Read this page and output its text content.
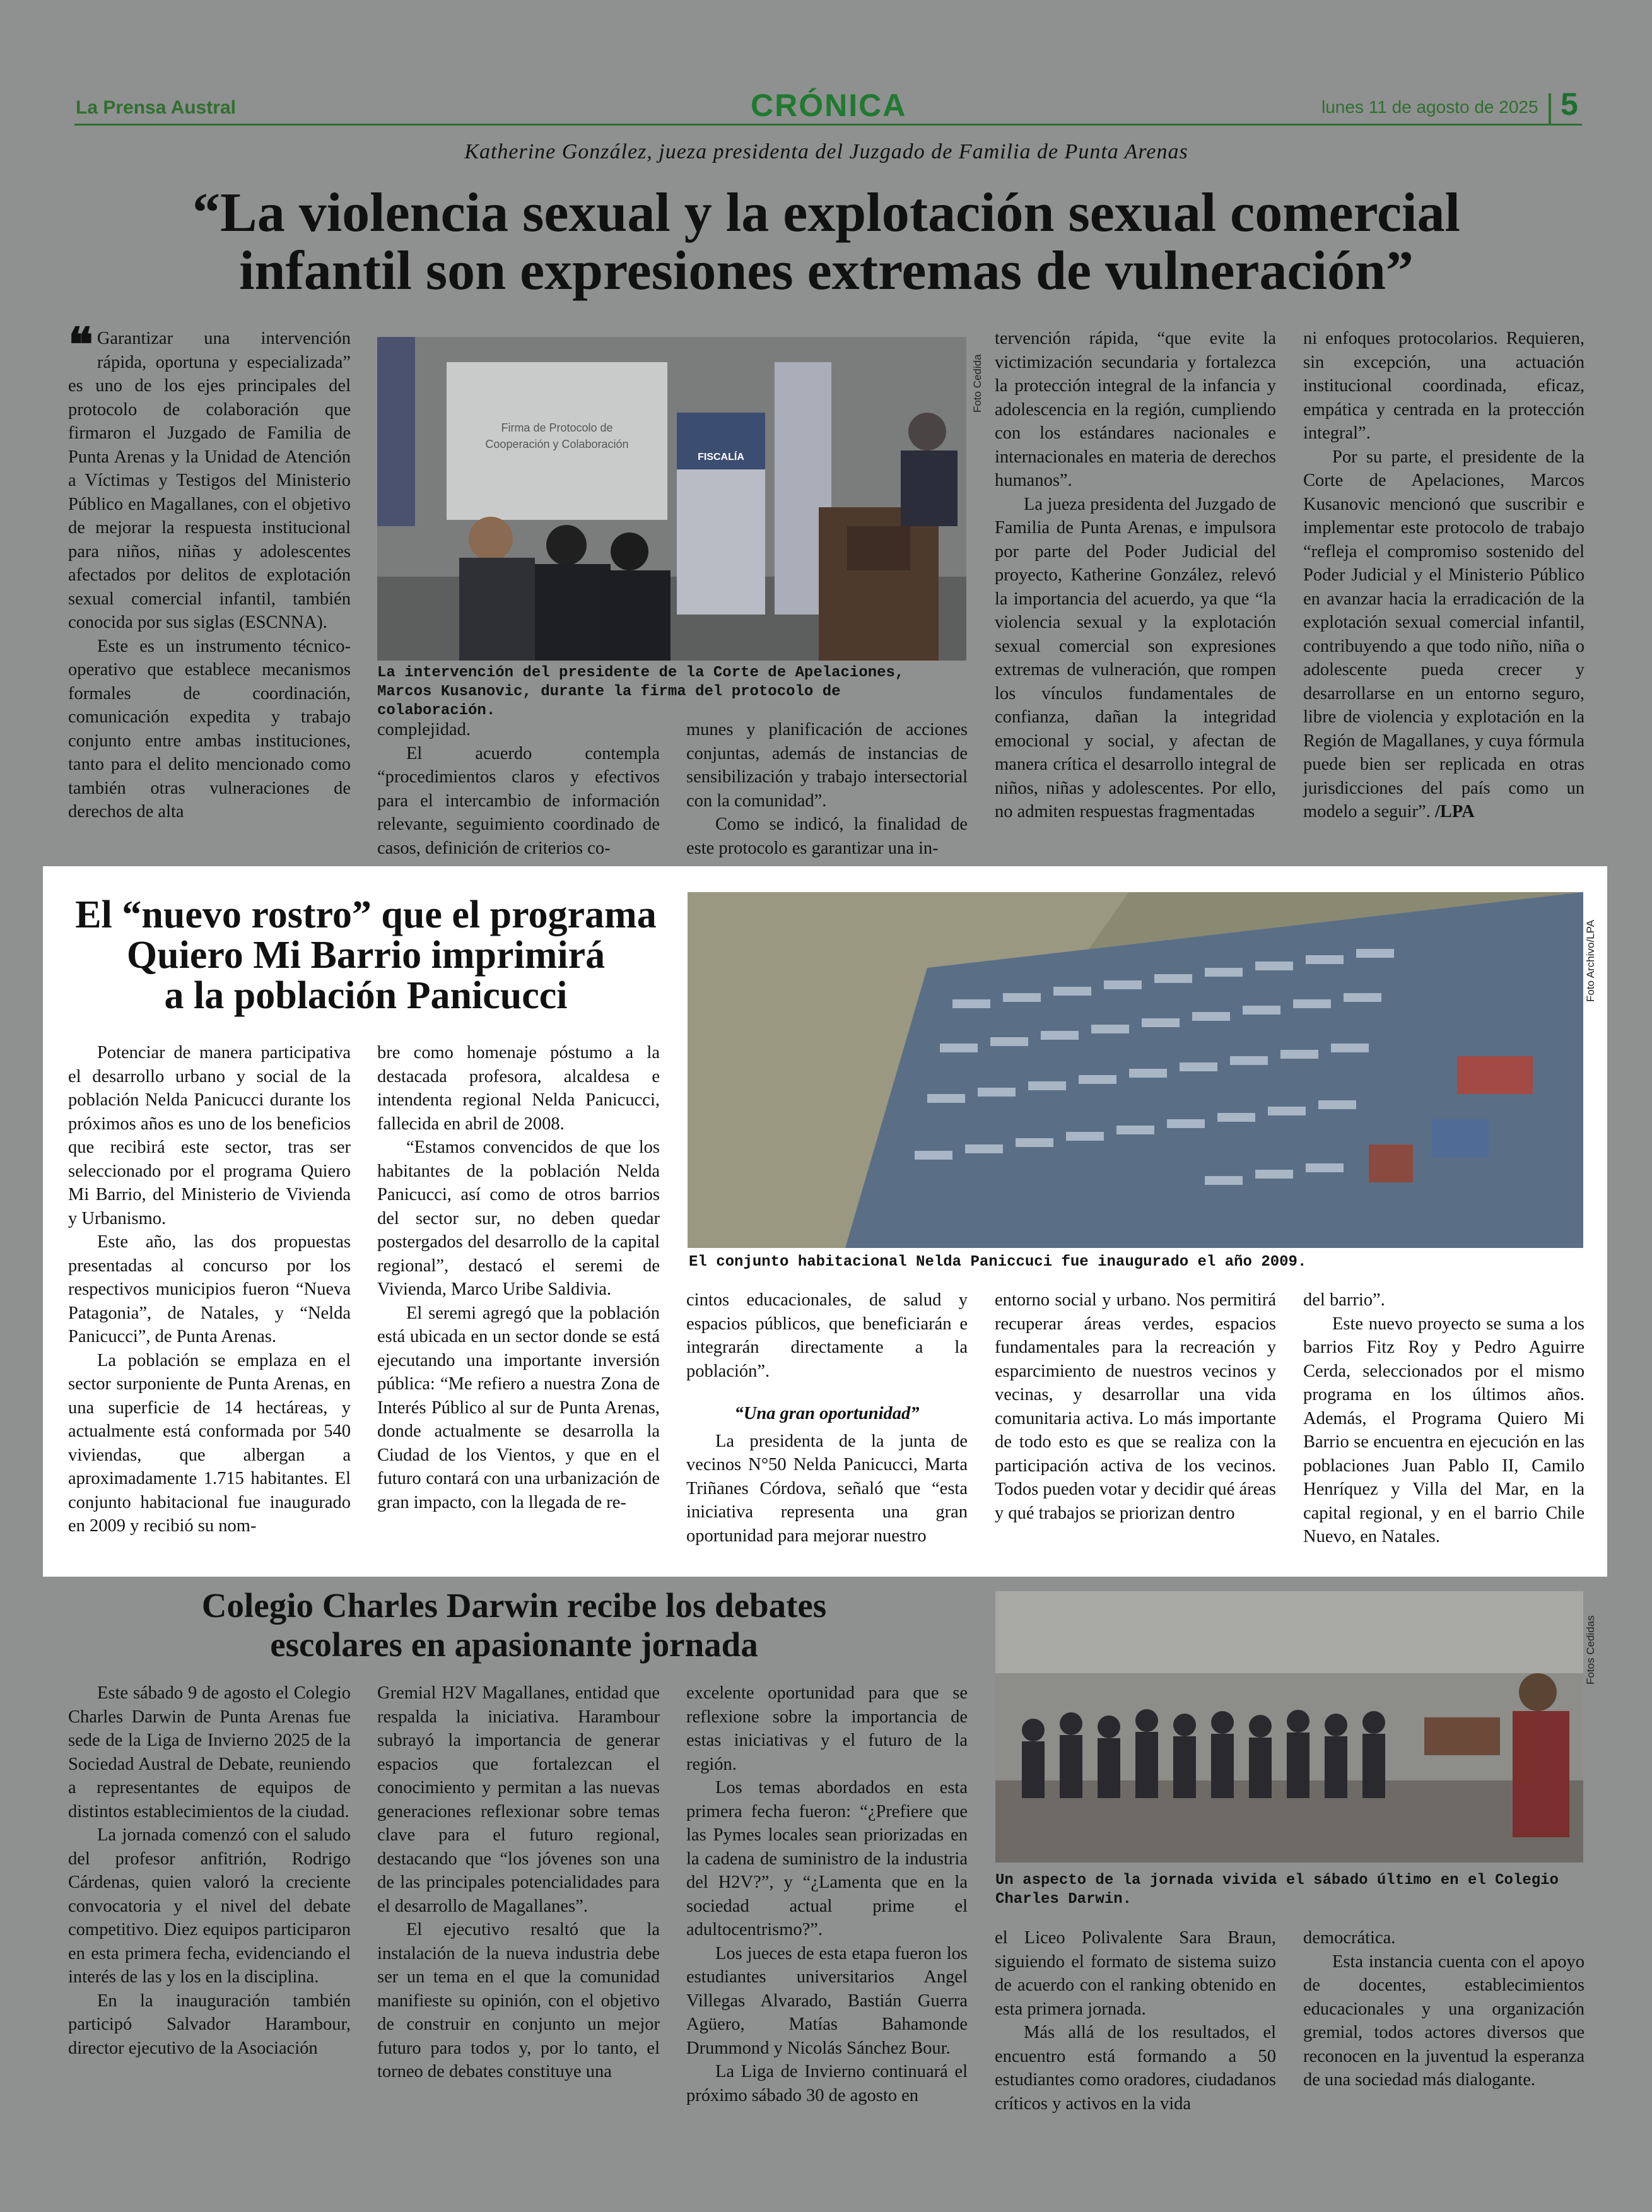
La Prensa Austral	CRÓNICA	lunes 11 de agosto de 2025 5
Katherine González, jueza presidenta del Juzgado de Familia de Punta Arenas
“La violencia sexual y la explotación sexual comercial
infantil son expresiones extremas de vulneración”

❝ Garantizar una intervención rápida, oportuna y especializada” es uno de los ejes principales del protocolo de colaboración que firmaron el Juzgado de Familia de Punta Arenas y la Unidad de Atención a Víctimas y Testigos del Ministerio Público en Magallanes, con el objetivo de mejorar la respuesta institucional para niños, niñas y adolescentes afectados por delitos de explotación sexual comercial infantil, también conocida por sus siglas (ESCNNA).

Este es un instrumento técnico-operativo que establece mecanismos formales de coordinación, comunicación expedita y trabajo conjunto entre ambas instituciones, tanto para el delito mencionado como también otras vulneraciones de derechos de alta

Firma de Protocolo de
Cooperación y Colaboración
FISCALÍA
Foto Cedida
La intervención del presidente de la Corte de Apelaciones, Marcos Kusanovic, durante la firma del protocolo de colaboración.

complejidad.

El acuerdo contempla “procedimientos claros y efectivos para el intercambio de información relevante, seguimiento coordinado de casos, definición de criterios co-

munes y planificación de acciones conjuntas, además de instancias de sensibilización y trabajo intersectorial con la comunidad”.

Como se indicó, la finalidad de este protocolo es garantizar una in-

tervención rápida, “que evite la victimización secundaria y fortalezca la protección integral de la infancia y adolescencia en la región, cumpliendo con los estándares nacionales e internacionales en materia de derechos humanos”.

La jueza presidenta del Juzgado de Familia de Punta Arenas, e impulsora por parte del Poder Judicial del proyecto, Katherine González, relevó la importancia del acuerdo, ya que “la violencia sexual y la explotación sexual comercial son expresiones extremas de vulneración, que rompen los vínculos fundamentales de confianza, dañan la integridad emocional y social, y afectan de manera crítica el desarrollo integral de niños, niñas y adolescentes. Por ello, no admiten respuestas fragmentadas

ni enfoques protocolarios. Requieren, sin excepción, una actuación institucional coordinada, eficaz, empática y centrada en la protección integral”.

Por su parte, el presidente de la Corte de Apelaciones, Marcos Kusanovic mencionó que suscribir e implementar este protocolo de trabajo “refleja el compromiso sostenido del Poder Judicial y el Ministerio Público en avanzar hacia la erradicación de la explotación sexual comercial infantil, contribuyendo a que todo niño, niña o adolescente pueda crecer y desarrollarse en un entorno seguro, libre de violencia y explotación en la Región de Magallanes, y cuya fórmula puede bien ser replicada en otras jurisdicciones del país como un modelo a seguir”. /LPA

El “nuevo rostro” que el programa
Quiero Mi Barrio imprimirá
a la población Panicucci

Potenciar de manera participativa el desarrollo urbano y social de la población Nelda Panicucci durante los próximos años es uno de los beneficios que recibirá este sector, tras ser seleccionado por el programa Quiero Mi Barrio, del Ministerio de Vivienda y Urbanismo.

Este año, las dos propuestas presentadas al concurso por los respectivos municipios fueron “Nueva Patagonia”, de Natales, y “Nelda Panicucci”, de Punta Arenas.

La población se emplaza en el sector surponiente de Punta Arenas, en una superficie de 14 hectáreas, y actualmente está conformada por 540 viviendas, que albergan a aproximadamente 1.715 habitantes. El conjunto habitacional fue inaugurado en 2009 y recibió su nom-

bre como homenaje póstumo a la destacada profesora, alcaldesa e intendenta regional Nelda Panicucci, fallecida en abril de 2008.

“Estamos convencidos de que los habitantes de la población Nelda Panicucci, así como de otros barrios del sector sur, no deben quedar postergados del desarrollo de la capital regional”, destacó el seremi de Vivienda, Marco Uribe Saldivia.

El seremi agregó que la población está ubicada en un sector donde se está ejecutando una importante inversión pública: “Me refiero a nuestra Zona de Interés Público al sur de Punta Arenas, donde actualmente se desarrolla la Ciudad de los Vientos, y que en el futuro contará con una urbanización de gran impacto, con la llegada de re-

Foto Archivo/LPA
El conjunto habitacional Nelda Paniccuci fue inaugurado el año 2009.

cintos educacionales, de salud y espacios públicos, que beneficiarán e integrarán directamente a la población”.

“Una gran oportunidad”

La presidenta de la junta de vecinos N°50 Nelda Panicucci, Marta Triñanes Córdova, señaló que “esta iniciativa representa una gran oportunidad para mejorar nuestro

entorno social y urbano. Nos permitirá recuperar áreas verdes, espacios fundamentales para la recreación y esparcimiento de nuestros vecinos y vecinas, y desarrollar una vida comunitaria activa. Lo más importante de todo esto es que se realiza con la participación activa de los vecinos. Todos pueden votar y decidir qué áreas y qué trabajos se priorizan dentro

del barrio”.

Este nuevo proyecto se suma a los barrios Fitz Roy y Pedro Aguirre Cerda, seleccionados por el mismo programa en los últimos años. Además, el Programa Quiero Mi Barrio se encuentra en ejecución en las poblaciones Juan Pablo II, Camilo Henríquez y Villa del Mar, en la capital regional, y en el barrio Chile Nuevo, en Natales.

Colegio Charles Darwin recibe los debates
escolares en apasionante jornada

Este sábado 9 de agosto el Colegio Charles Darwin de Punta Arenas fue sede de la Liga de Invierno 2025 de la Sociedad Austral de Debate, reuniendo a representantes de equipos de distintos establecimientos de la ciudad.

La jornada comenzó con el saludo del profesor anfitrión, Rodrigo Cárdenas, quien valoró la creciente convocatoria y el nivel del debate competitivo. Diez equipos participaron en esta primera fecha, evidenciando el interés de las y los en la disciplina.

En la inauguración también participó Salvador Harambour, director ejecutivo de la Asociación

Gremial H2V Magallanes, entidad que respalda la iniciativa. Harambour subrayó la importancia de generar espacios que fortalezcan el conocimiento y permitan a las nuevas generaciones reflexionar sobre temas clave para el futuro regional, destacando que “los jóvenes son una de las principales potencialidades para el desarrollo de Magallanes”.

El ejecutivo resaltó que la instalación de la nueva industria debe ser un tema en el que la comunidad manifieste su opinión, con el objetivo de construir en conjunto un mejor futuro para todos y, por lo tanto, el torneo de debates constituye una

excelente oportunidad para que se reflexione sobre la importancia de estas iniciativas y el futuro de la región.

Los temas abordados en esta primera fecha fueron: “¿Prefiere que las Pymes locales sean priorizadas en la cadena de suministro de la industria del H2V?”, y “¿Lamenta que en la sociedad actual prime el adultocentrismo?”.

Los jueces de esta etapa fueron los estudiantes universitarios Angel Villegas Alvarado, Bastián Guerra Agüero, Matías Bahamonde Drummond y Nicolás Sánchez Bour.

La Liga de Invierno continuará el próximo sábado 30 de agosto en

Fotos Cedidas
Un aspecto de la jornada vivida el sábado último en el Colegio Charles Darwin.

el Liceo Polivalente Sara Braun, siguiendo el formato de sistema suizo de acuerdo con el ranking obtenido en esta primera jornada.

Más allá de los resultados, el encuentro está formando a 50 estudiantes como oradores, ciudadanos críticos y activos en la vida

democrática.

Esta instancia cuenta con el apoyo de docentes, establecimientos educacionales y una organización gremial, todos actores diversos que reconocen en la juventud la esperanza de una sociedad más dialogante.
